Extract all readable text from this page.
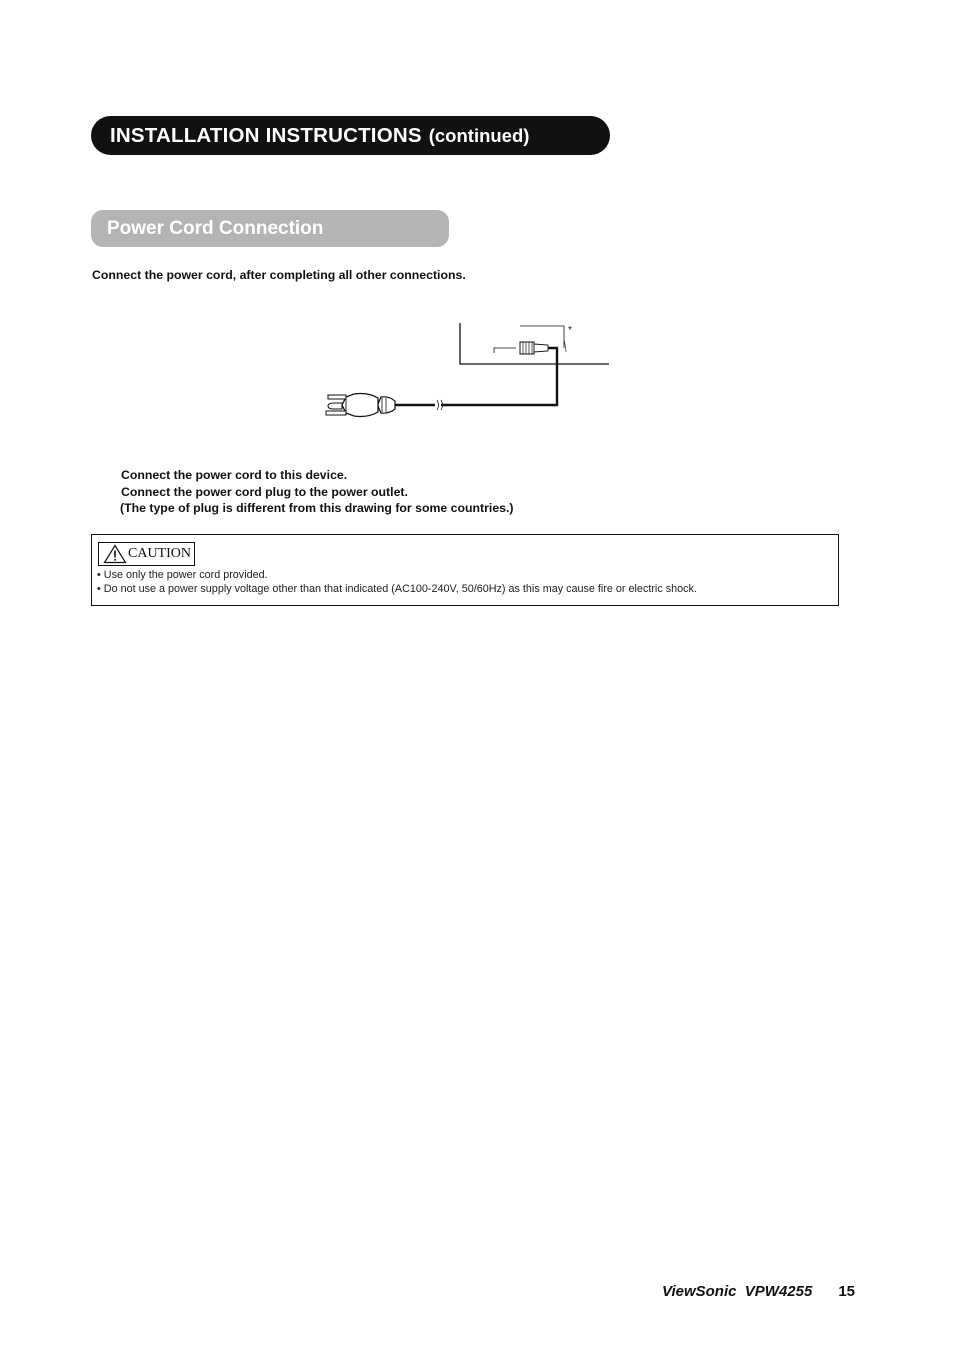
INSTALLATION INSTRUCTIONS (continued)
Power Cord Connection
Connect the power cord, after completing all other connections.
*
Connect the power cord to this device.
Connect the power cord plug to the power outlet.
(The type of plug is different from this drawing for some countries.)
CAUTION
• Use only the power cord provided.
• Do not use a power supply voltage other than that indicated (AC100-240V, 50/60Hz) as this may cause fire or electric shock.
ViewSonic  VPW4255 15
